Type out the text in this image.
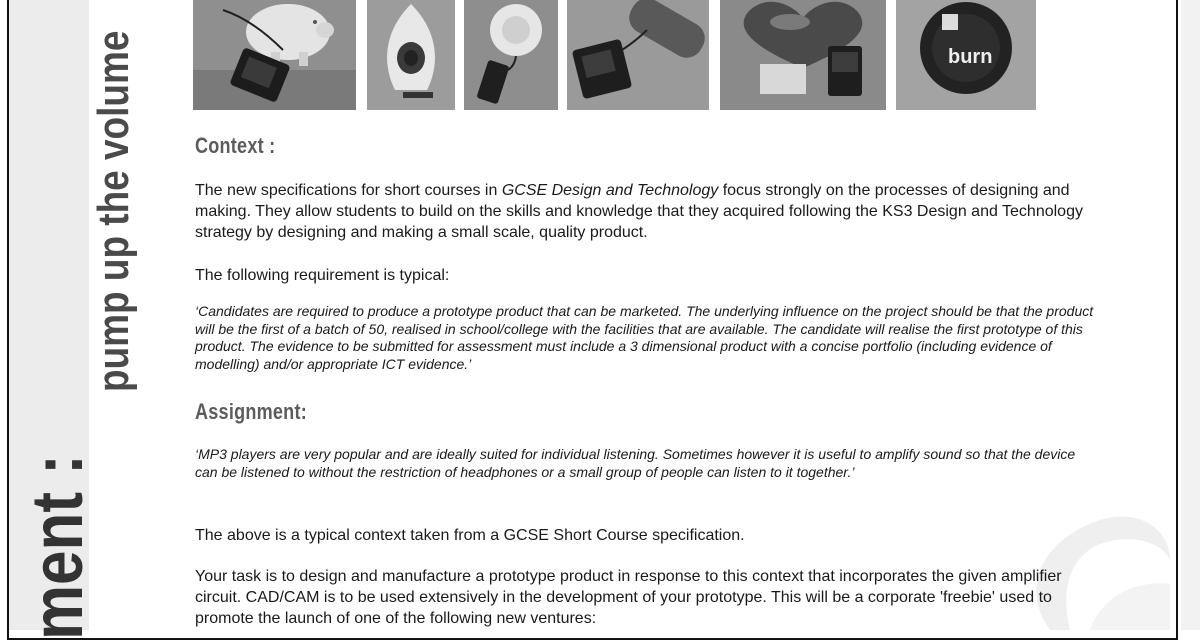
pump up the volume
ment :
burn
Context :

The new specifications for short courses in GCSE Design and Technology focus strongly on the processes of designing and making. They allow students to build on the skills and knowledge that they acquired following the KS3 Design and Technology strategy by designing and making a small scale, quality product.

The following requirement is typical:

‘Candidates are required to produce a prototype product that can be marketed. The underlying influence on the project should be that the product will be the first of a batch of 50, realised in school/college with the facilities that are available. The candidate will realise the first prototype of this product. The evidence to be submitted for assessment must include a 3 dimensional product with a concise portfolio (including evidence of modelling) and/or appropriate ICT evidence.’

Assignment:

‘MP3 players are very popular and are ideally suited for individual listening. Sometimes however it is useful to amplify sound so that the device can be listened to without the restriction of headphones or a small group of people can listen to it together.’

The above is a typical context taken from a GCSE Short Course specification.

Your task is to design and manufacture a prototype product in response to this context that incorporates the given amplifier circuit. CAD/CAM is to be used extensively in the development of your prototype. This will be a corporate 'freebie' used to promote the launch of one of the following new ventures:
